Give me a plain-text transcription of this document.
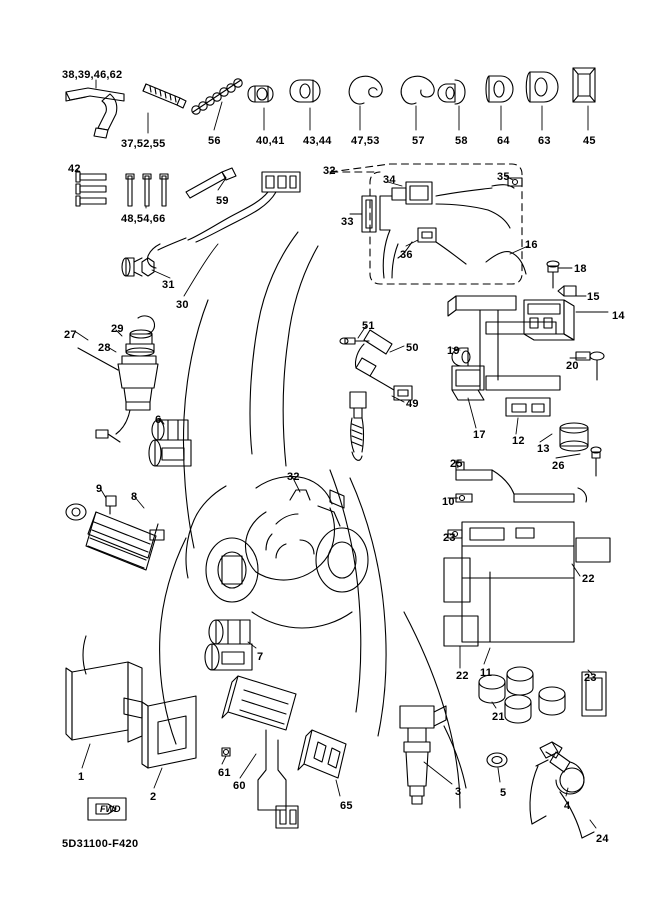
38,39,46,62
37,52,55	56	40,41 43,44 47,53	57	58	64	63	45
42
48,54,66
59
32
34	35
33
36
16
18
15
14
31
30
27	29
28
51
50	19
20
49
6
17 12
13
26
25
9
8
32
10
23
22
7
22 11
21
23
1
2
61
60
65
3	5
4
24
FWD
5D31100-F420
